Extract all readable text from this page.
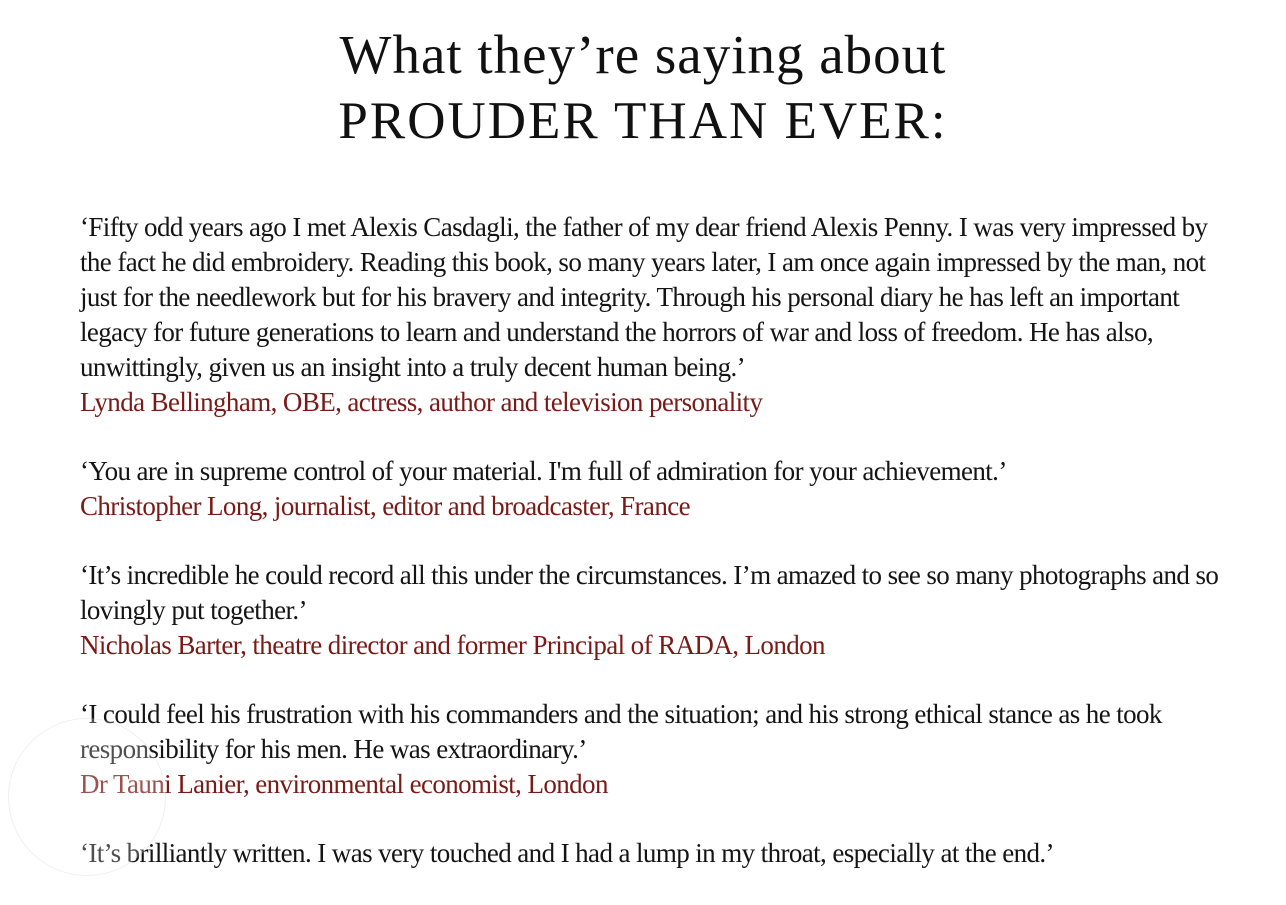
What they’re saying about
PROUDER THAN EVER:
‘Fifty odd years ago I met Alexis Casdagli, the father of my dear friend Alexis Penny. I was very impressed by the fact he did embroidery. Reading this book, so many years later, I am once again impressed by the man, not just for the needlework but for his bravery and integrity. Through his personal diary he has left an important legacy for future generations to learn and understand the horrors of war and loss of freedom. He has also, unwittingly, given us an insight into a truly decent human being.’
Lynda Bellingham, OBE, actress, author and television personality
‘You are in supreme control of your material. I'm full of admiration for your achievement.’
Christopher Long, journalist, editor and broadcaster, France
‘It’s incredible he could record all this under the circumstances. I’m amazed to see so many photographs and so lovingly put together.’
Nicholas Barter, theatre director and former Principal of RADA, London
‘I could feel his frustration with his commanders and the situation; and his strong ethical stance as he took responsibility for his men. He was extraordinary.’
Dr Tauni Lanier, environmental economist, London
‘It’s brilliantly written. I was very touched and I had a lump in my throat, especially at the end.’
